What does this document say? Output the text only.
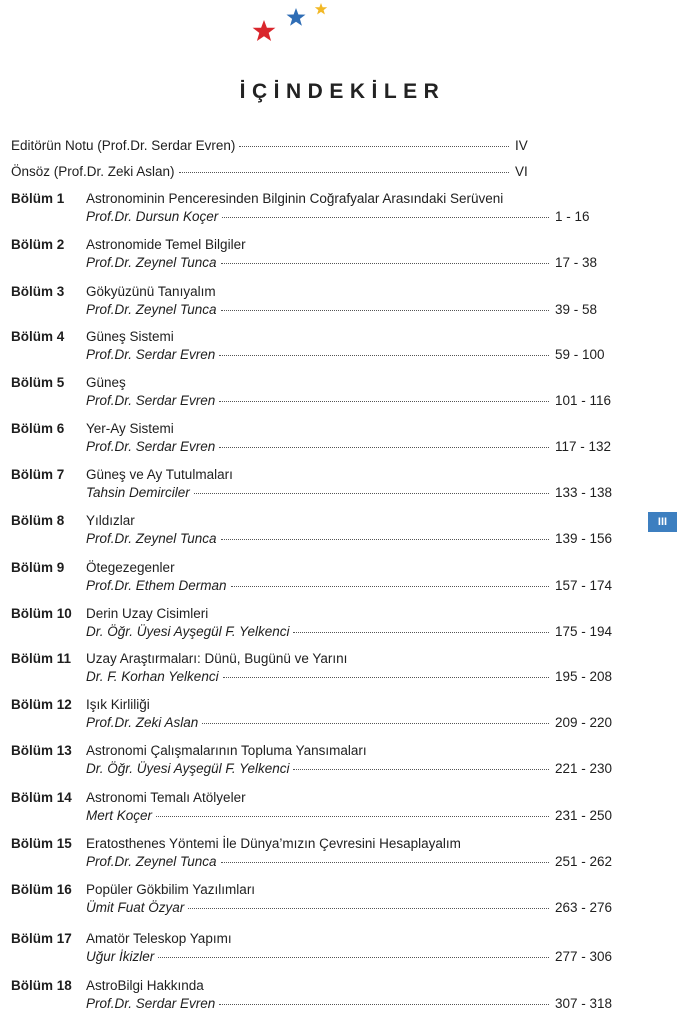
İÇİNDEKİLER
Editörün Notu (Prof.Dr. Serdar Evren)	IV
Önsöz (Prof.Dr. Zeki Aslan)	VI
Bölüm 1 Astronominin Penceresinden Bilginin Coğrafyalar Arasındaki Serüveni
Prof.Dr. Dursun Koçer	1 - 16
Bölüm 2 Astronomide Temel Bilgiler
Prof.Dr. Zeynel Tunca	17 - 38
Bölüm 3 Gökyüzünü Tanıyalım
Prof.Dr. Zeynel Tunca	39 - 58
Bölüm 4 Güneş Sistemi
Prof.Dr. Serdar Evren	59 - 100
Bölüm 5 Güneş
Prof.Dr. Serdar Evren	101 - 116
Bölüm 6 Yer-Ay Sistemi
Prof.Dr. Serdar Evren	117 - 132
Bölüm 7 Güneş ve Ay Tutulmaları
Tahsin Demirciler	133 - 138
Bölüm 8 Yıldızlar
Prof.Dr. Zeynel Tunca	139 - 156
Bölüm 9 Ötegezegenler
Prof.Dr. Ethem Derman	157 - 174
Bölüm 10 Derin Uzay Cisimleri
Dr. Öğr. Üyesi Ayşegül F. Yelkenci	175 - 194
Bölüm 11 Uzay Araştırmaları: Dünü, Bugünü ve Yarını
Dr. F. Korhan Yelkenci	195 - 208
Bölüm 12 Işık Kirliliği
Prof.Dr. Zeki Aslan	209 - 220
Bölüm 13 Astronomi Çalışmalarının Topluma Yansımaları
Dr. Öğr. Üyesi Ayşegül F. Yelkenci	221 - 230
Bölüm 14 Astronomi Temalı Atölyeler
Mert Koçer	231 - 250
Bölüm 15 Eratosthenes Yöntemi İle Dünya’mızın Çevresini Hesaplayalım
Prof.Dr. Zeynel Tunca	251 - 262
Bölüm 16 Popüler Gökbilim Yazılımları
Ümit Fuat Özyar	263 - 276
Bölüm 17 Amatör Teleskop Yapımı
Uğur İkizler	277 - 306
Bölüm 18 AstroBilgi Hakkında
Prof.Dr. Serdar Evren	307 - 318
III
